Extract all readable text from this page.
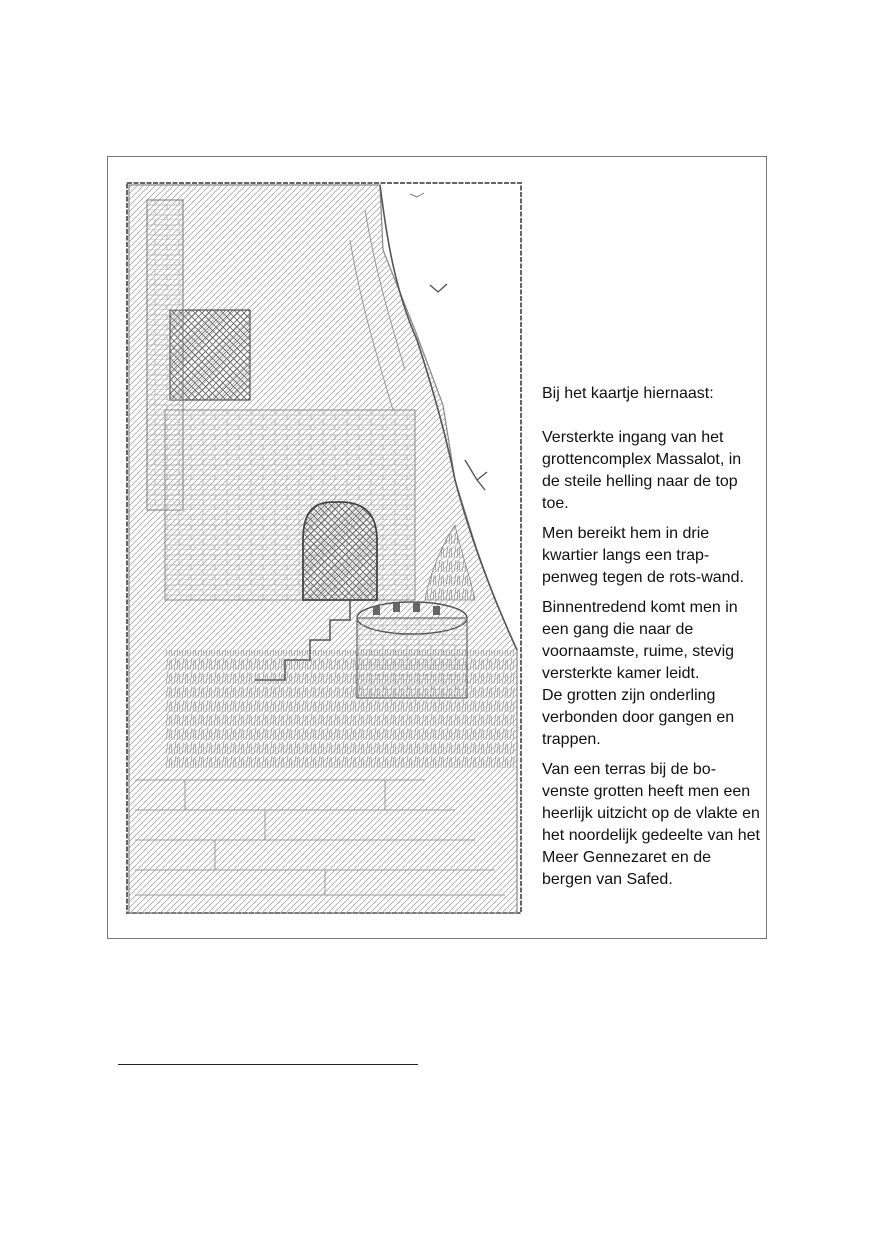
Bij het kaartje hiernaast:

Versterkte ingang van het grottencomplex Massalot, in de steile helling naar de top toe.

Men bereikt hem in drie kwartier langs een trap-penweg tegen de rots-wand.

Binnentredend komt men in een gang die naar de voornaamste, ruime, stevig versterkte kamer leidt.

De grotten zijn onderling verbonden door gangen en trappen.

Van een terras bij de bo-venste grotten heeft men een heerlijk uitzicht op de vlakte en het noordelijk gedeelte van het Meer Gennezaret en de bergen van Safed.
